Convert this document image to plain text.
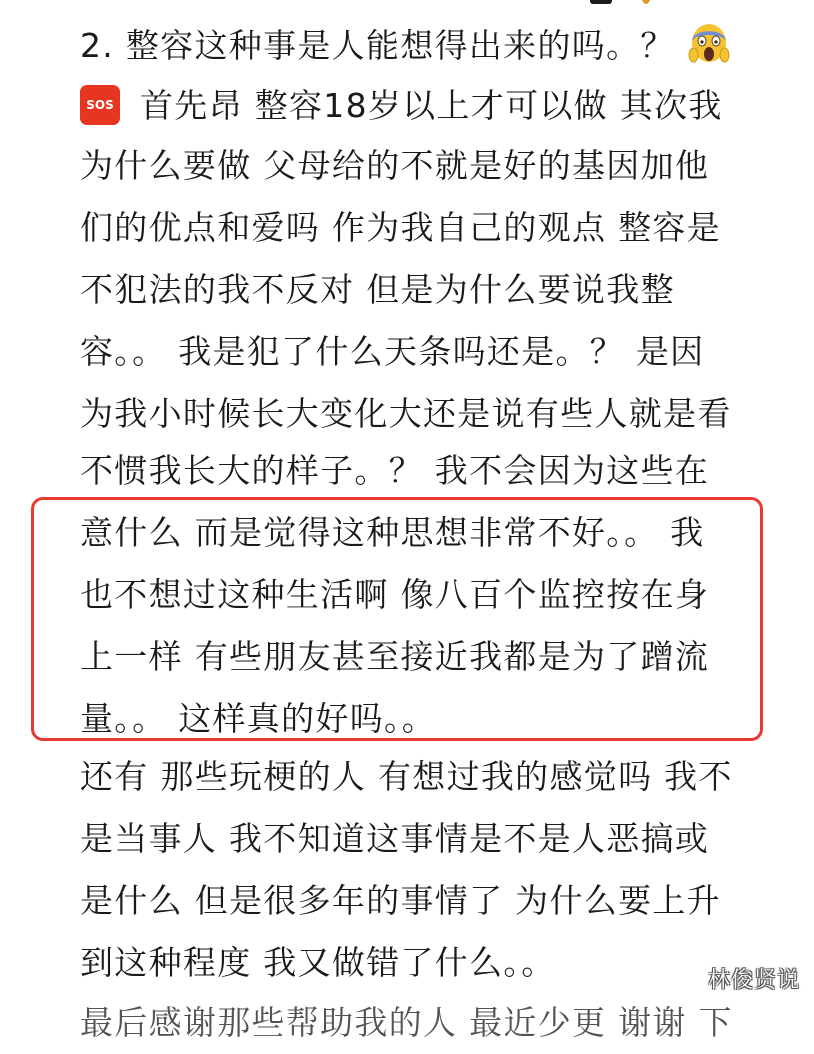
2. 整容这种事是人能想得出来的吗。？
SOS 首先昂 整容18岁以上才可以做 其次我
为什么要做 父母给的不就是好的基因加他
们的优点和爱吗 作为我自己的观点 整容是
不犯法的我不反对 但是为什么要说我整
容。。 我是犯了什么天条吗还是。？ 是因
为我小时候长大变化大还是说有些人就是看
不惯我长大的样子。？ 我不会因为这些在
意什么 而是觉得这种思想非常不好。。 我
也不想过这种生活啊 像八百个监控按在身
上一样 有些朋友甚至接近我都是为了蹭流
量。。 这样真的好吗。。
还有 那些玩梗的人 有想过我的感觉吗 我不
是当事人 我不知道这事情是不是人恶搞或
是什么 但是很多年的事情了 为什么要上升
到这种程度 我又做错了什么。。
最后感谢那些帮助我的人 最近少更 谢谢 下
林俊贤说
